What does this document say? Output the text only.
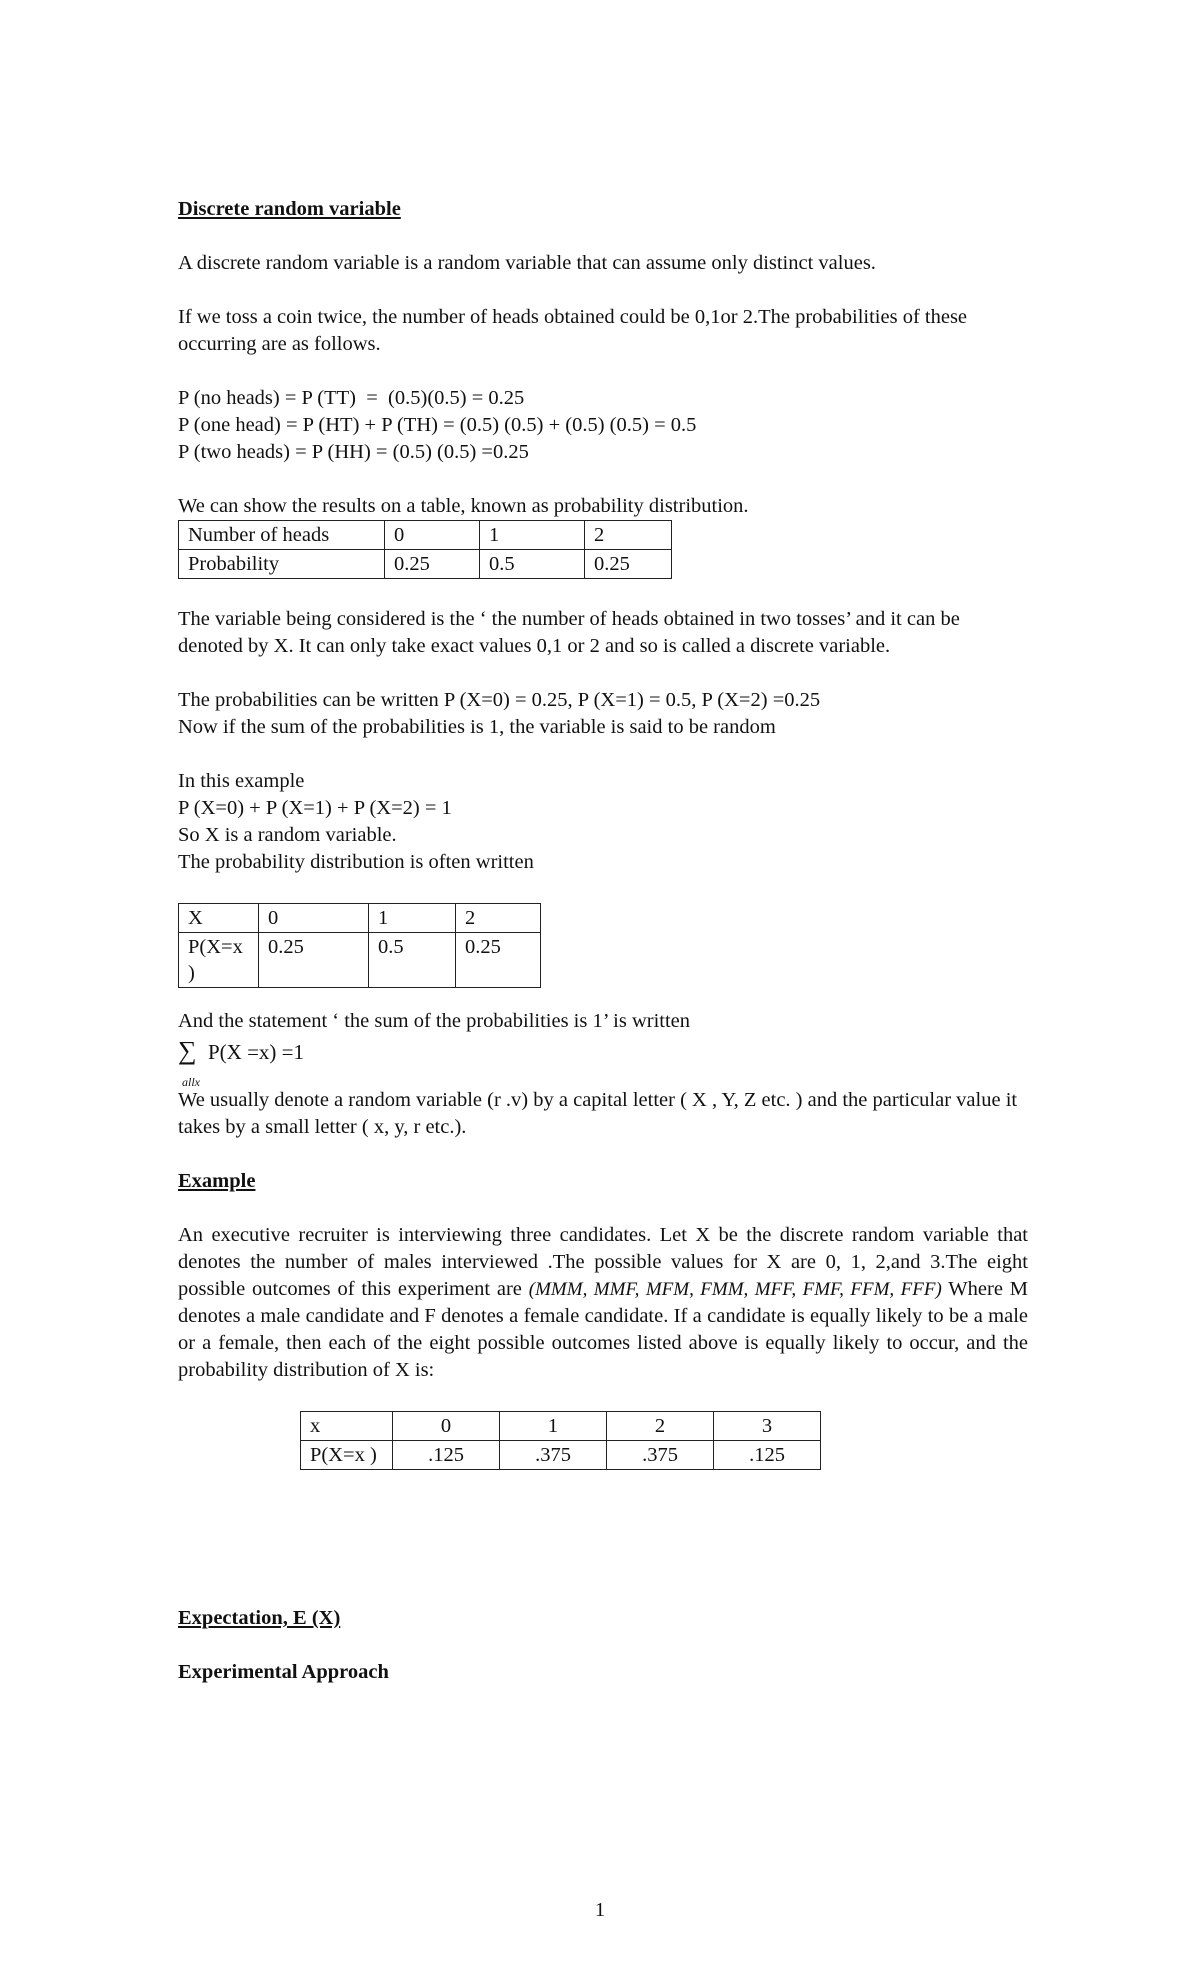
Discrete random variable

A discrete random variable is a random variable that can assume only distinct values.

If we toss a coin twice, the number of heads obtained could be 0,1or 2.The probabilities of these occurring are as follows.

P (no heads) = P (TT)  =  (0.5)(0.5) = 0.25

P (one head) = P (HT) + P (TH) = (0.5) (0.5) + (0.5) (0.5) = 0.5

P (two heads) = P (HH) = (0.5) (0.5) =0.25

We can show the results on a table, known as probability distribution.

Number of heads	0	1	2
Probability	0.25	0.5	0.25

The variable being considered is the ‘ the number of heads obtained in two tosses’ and it can be denoted by X. It can only take exact values 0,1 or 2 and so is called a discrete variable.

The probabilities can be written P (X=0) = 0.25, P (X=1) = 0.5, P (X=2) =0.25

Now if the sum of the probabilities is 1, the variable is said to be random

In this example

P (X=0) + P (X=1) + P (X=2) = 1

So X is a random variable.

The probability distribution is often written

X	0	1	2
P(X=x )	0.25	0.5	0.25

And the statement ‘ the sum of the probabilities is 1’ is written

∑
allx
P(X =x) =1

We usually denote a random variable (r .v) by a capital letter ( X , Y, Z etc. ) and the particular value it takes by a small letter ( x, y, r etc.).

Example

An executive recruiter is interviewing three candidates. Let X be the discrete random variable that denotes the number of males interviewed .The possible values for X are 0, 1, 2,and 3.The eight possible outcomes of this experiment are (MMM, MMF, MFM, FMM, MFF, FMF, FFM, FFF) Where M denotes a male candidate and F denotes a female candidate. If a candidate is equally likely to be a male or a female, then each of the eight possible outcomes listed above is equally likely to occur, and the probability distribution of X is:

x	0	1	2	3
P(X=x )	.125	.375	.375	.125

Expectation, E (X)

Experimental Approach

1
